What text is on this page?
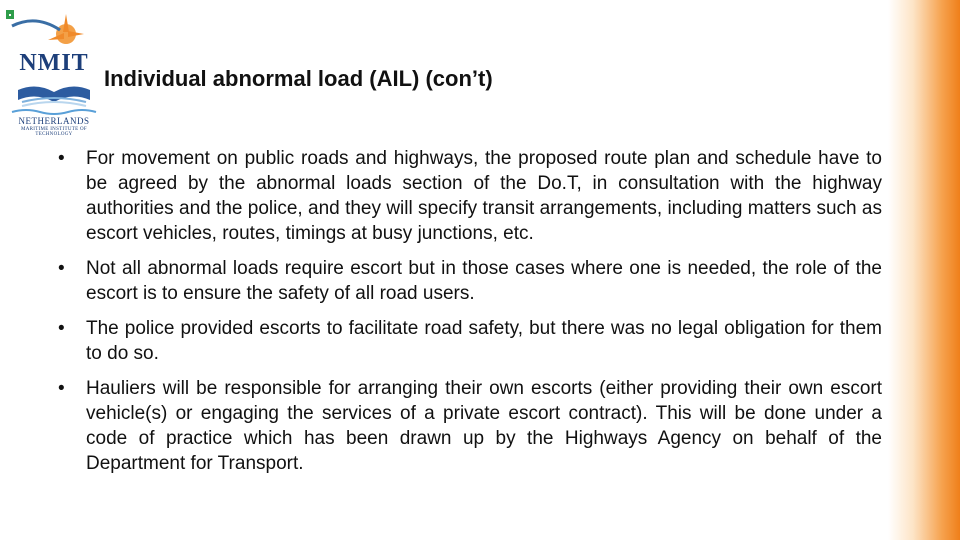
NMIT
NETHERLANDS
MARITIME INSTITUTE OF TECHNOLOGY
Individual abnormal load (AIL) (con’t)
• For movement on public roads and highways, the proposed route plan and schedule have to be agreed by the abnormal loads section of the Do.T, in consultation with the highway authorities and the police, and they will specify transit arrangements, including matters such as escort vehicles, routes, timings at busy junctions, etc.
• Not all abnormal loads require escort but in those cases where one is needed, the role of the escort is to ensure the safety of all road users.
• The police provided escorts to facilitate road safety, but there was no legal obligation for them to do so.
• Hauliers will be responsible for arranging their own escorts (either providing their own escort vehicle(s) or engaging the services of a private escort contract). This will be done under a code of practice which has been drawn up by the Highways Agency on behalf of the Department for Transport.
